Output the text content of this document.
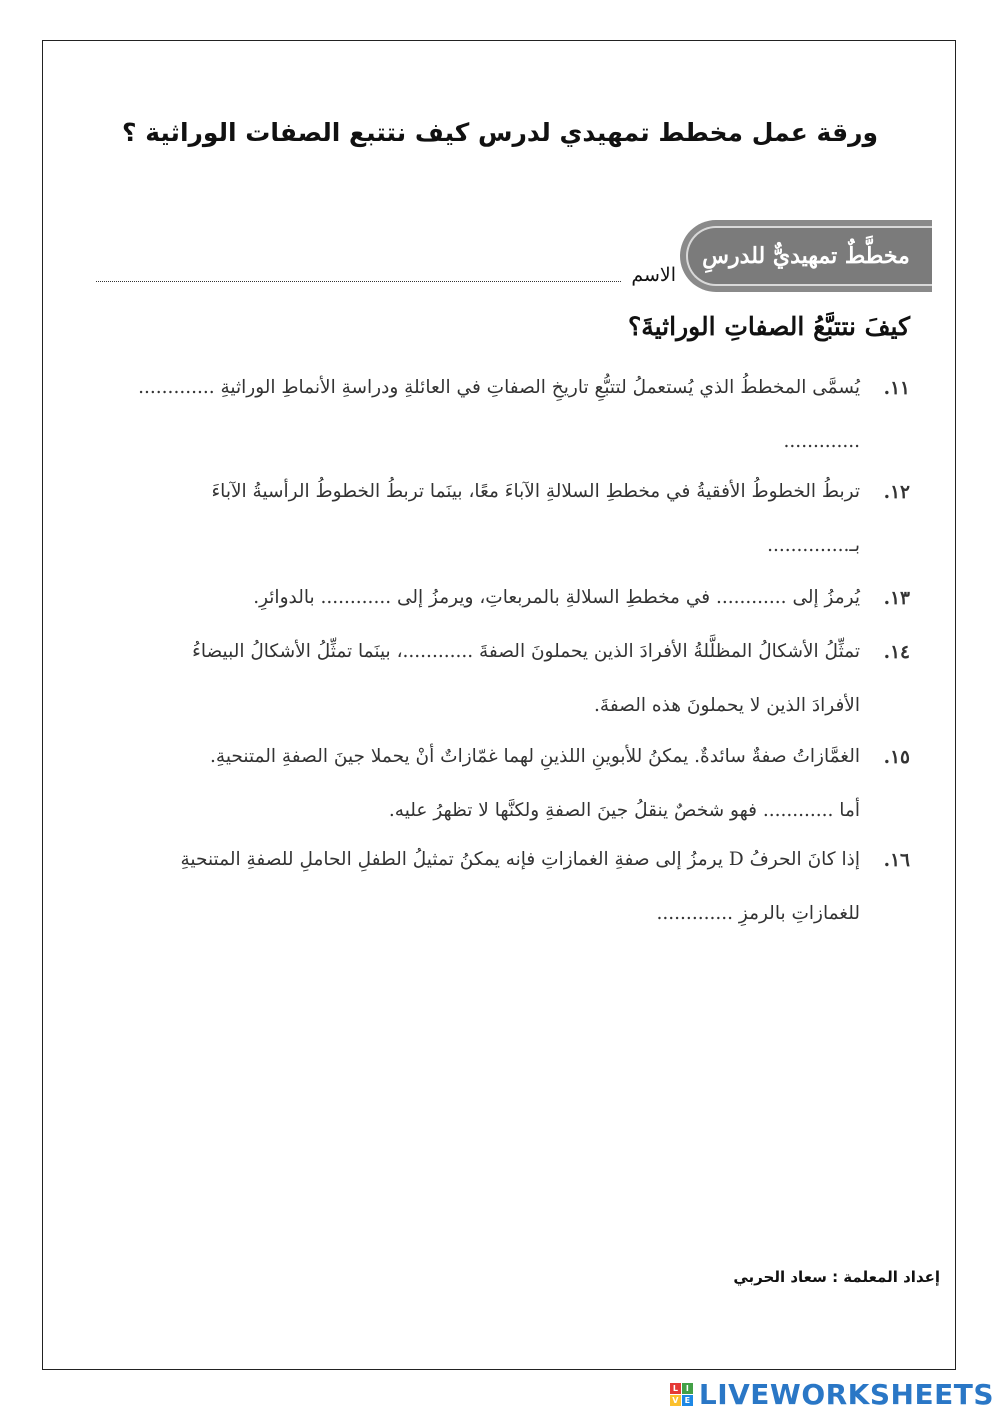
ورقة عمل مخطط تمهيدي لدرس كيف نتتبع الصفات الوراثية ؟
مخطَّطٌ تمهيديٌّ للدرسِ
الاسم
كيفَ نتتبَّعُ الصفاتِ الوراثيةَ؟
١١.
يُسمَّى المخططُ الذي يُستعملُ لتتبُّعِ تاريخِ الصفاتِ في العائلةِ ودراسةِ الأنماطِ الوراثيةِ .............
.............
١٢.
تربطُ الخطوطُ الأفقيةُ في مخططِ السلالةِ الآباءَ معًا، بينَما تربطُ الخطوطُ الرأسيةُ الآباءَ
بـ..............
١٣.
يُرمزُ إلى ............ في مخططِ السلالةِ بالمربعاتِ، ويرمزُ إلى ............ بالدوائرِ.
١٤.
تمثِّلُ الأشكالُ المظلَّلةُ الأفرادَ الذين يحملونَ الصفةَ ............، بينَما تمثِّلُ الأشكالُ البيضاءُ
الأفرادَ الذين لا يحملونَ هذه الصفةَ.
١٥.
الغمَّازاتُ صفةٌ سائدةٌ. يمكنُ للأبوينِ اللذينِ لهما غمّازاتٌ أنْ يحملا جينَ الصفةِ المتنحيةِ.
أما ............ فهو شخصٌ ينقلُ جينَ الصفةِ ولكنَّها لا تظهرُ عليه.
١٦.
إذا كانَ الحرفُ D يرمزُ إلى صفةِ الغمازاتِ فإنه يمكنُ تمثيلُ الطفلِ الحاملِ للصفةِ المتنحيةِ
للغمازاتِ بالرمزِ .............
إعداد المعلمة : سعاد الحربي
L I
V E LIVEWORKSHEETS
